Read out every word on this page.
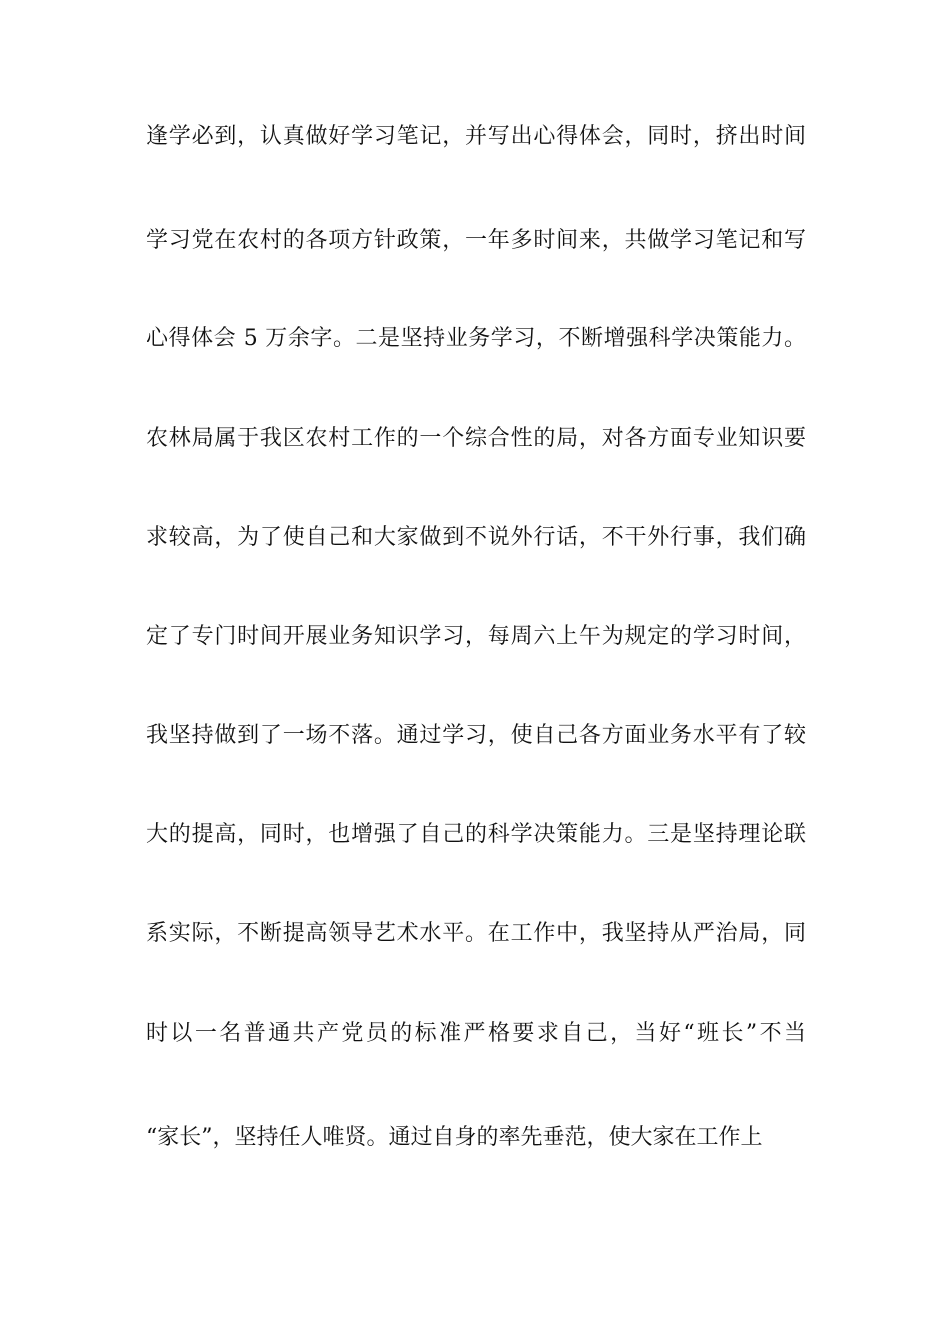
逢学必到，认真做好学习笔记，并写出心得体会，同时，挤出时间
学习党在农村的各项方针政策，一年多时间来，共做学习笔记和写
心得体会 5 万余字。二是坚持业务学习，不断增强科学决策能力。
农林局属于我区农村工作的一个综合性的局，对各方面专业知识要
求较高，为了使自己和大家做到不说外行话，不干外行事，我们确
定了专门时间开展业务知识学习，每周六上午为规定的学习时间，
我坚持做到了一场不落。通过学习，使自己各方面业务水平有了较
大的提高，同时，也增强了自己的科学决策能力。三是坚持理论联
系实际，不断提高领导艺术水平。在工作中，我坚持从严治局，同
时以一名普通共产党员的标准严格要求自己，当好“班长”不当
“家长”，坚持任人唯贤。通过自身的率先垂范，使大家在工作上
